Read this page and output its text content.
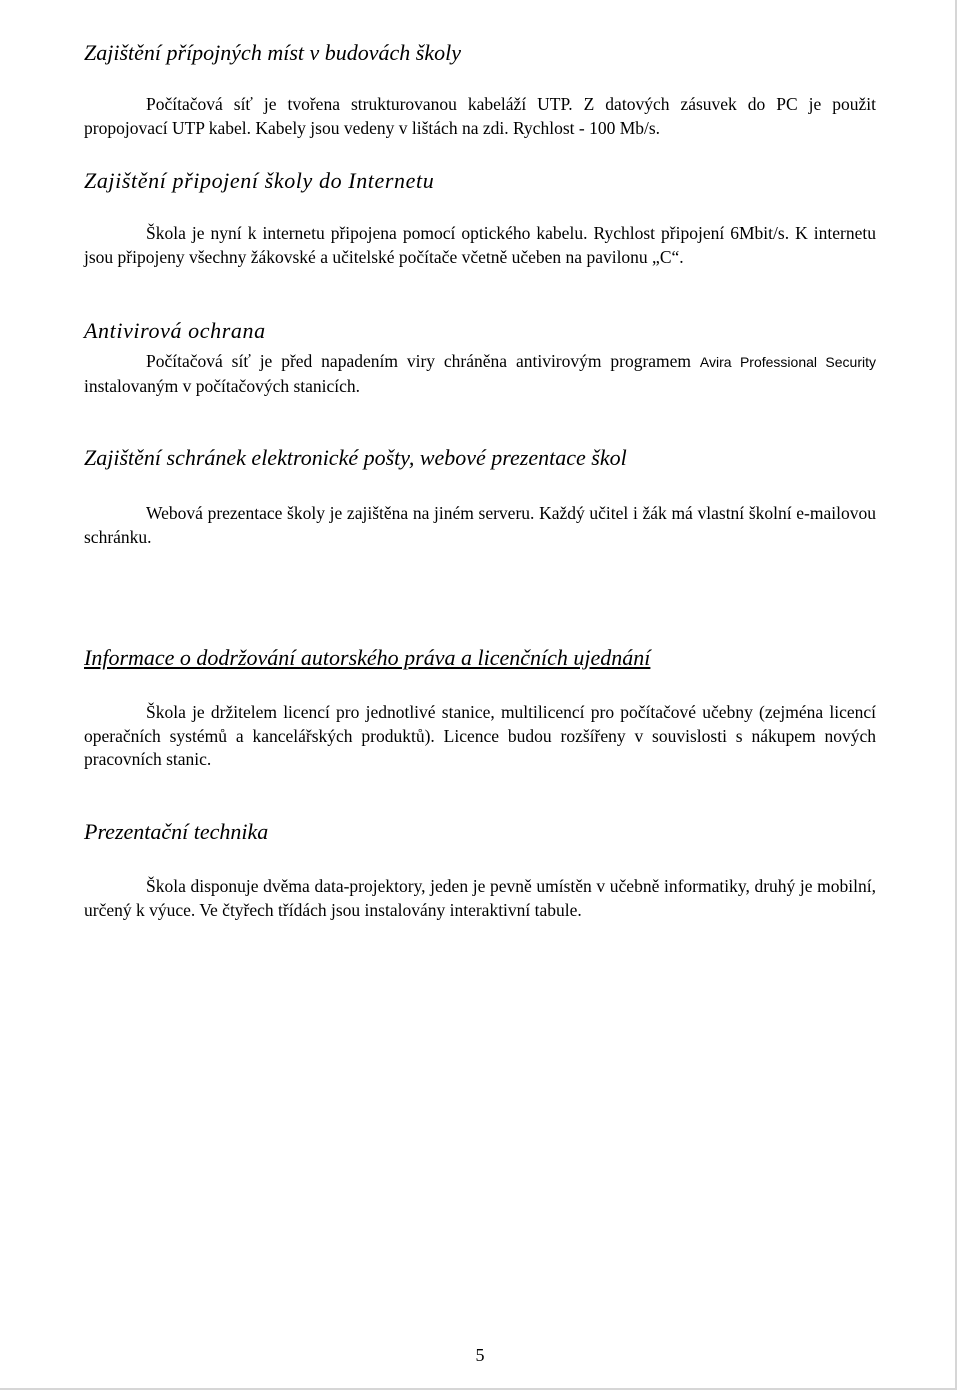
Zajištění přípojných míst v budovách školy

Počítačová síť je tvořena strukturovanou kabeláží UTP. Z datových zásuvek do PC je použit propojovací UTP kabel. Kabely jsou vedeny v lištách na zdi. Rychlost - 100 Mb/s.

Zajištění připojení školy do Internetu

Škola je nyní k internetu připojena pomocí optického kabelu. Rychlost připojení 6Mbit/s. K internetu jsou připojeny všechny žákovské a učitelské počítače včetně učeben na pavilonu „C“.

Antivirová ochrana

Počítačová síť je před napadením viry chráněna antivirovým programem Avira Professional Security instalovaným v počítačových stanicích.

Zajištění schránek elektronické pošty, webové prezentace škol

Webová prezentace školy je zajištěna na jiném serveru. Každý učitel i žák má vlastní školní e-mailovou schránku.

Informace o dodržování autorského práva a licenčních ujednání

Škola je držitelem licencí pro jednotlivé stanice, multilicencí pro počítačové učebny (zejména licencí operačních systémů a kancelářských produktů). Licence budou rozšířeny v souvislosti s nákupem nových pracovních stanic.

Prezentační technika

Škola disponuje dvěma data-projektory, jeden je pevně umístěn v učebně informatiky, druhý je mobilní, určený k výuce. Ve čtyřech třídách jsou instalovány interaktivní tabule.

5
